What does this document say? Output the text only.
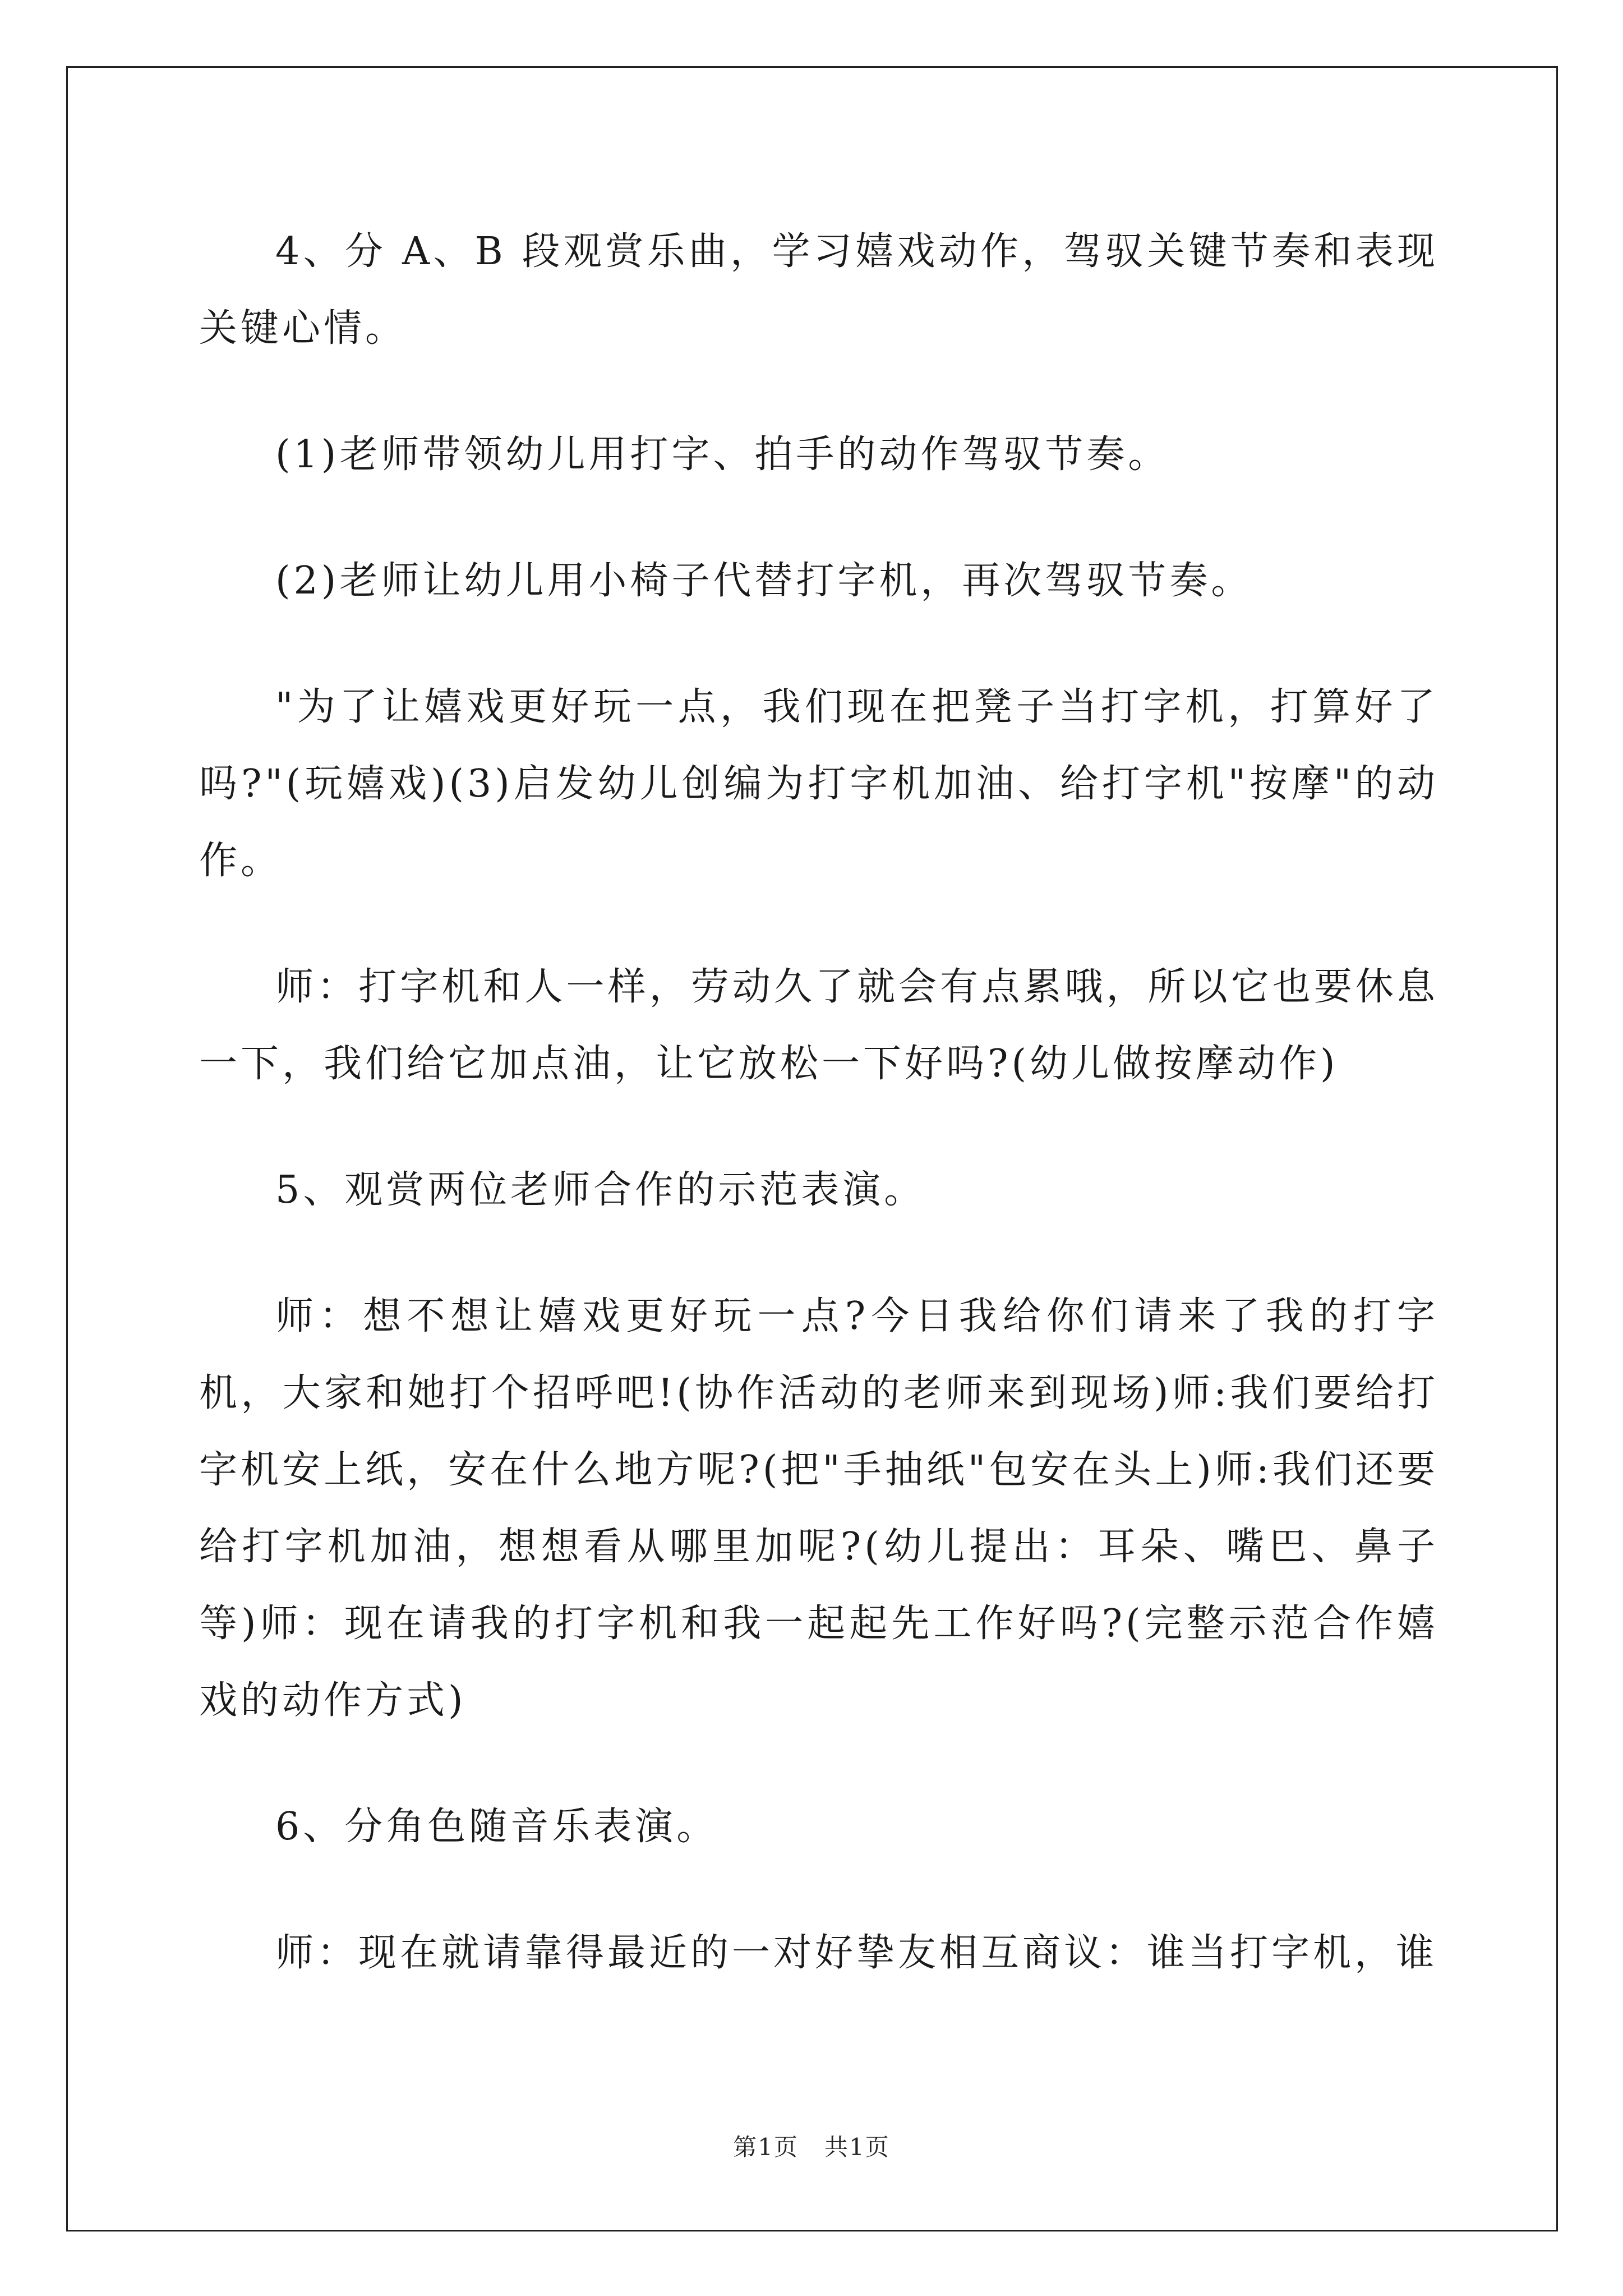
4、分 A、B 段观赏乐曲，学习嬉戏动作，驾驭关键节奏和表现关键心情。

(1)老师带领幼儿用打字、拍手的动作驾驭节奏。

(2)老师让幼儿用小椅子代替打字机，再次驾驭节奏。

"为了让嬉戏更好玩一点，我们现在把凳子当打字机，打算好了吗?"(玩嬉戏)(3)启发幼儿创编为打字机加油、给打字机"按摩"的动作。

师：打字机和人一样，劳动久了就会有点累哦，所以它也要休息一下，我们给它加点油，让它放松一下好吗?(幼儿做按摩动作)

5、观赏两位老师合作的示范表演。

师：想不想让嬉戏更好玩一点?今日我给你们请来了我的打字机，大家和她打个招呼吧!(协作活动的老师来到现场)师:我们要给打字机安上纸，安在什么地方呢?(把"手抽纸"包安在头上)师:我们还要给打字机加油，想想看从哪里加呢?(幼儿提出：耳朵、嘴巴、鼻子等)师：现在请我的打字机和我一起起先工作好吗?(完整示范合作嬉戏的动作方式)

6、分角色随音乐表演。

师：现在就请靠得最近的一对好挚友相互商议：谁当打字机，谁

第1页 共1页
